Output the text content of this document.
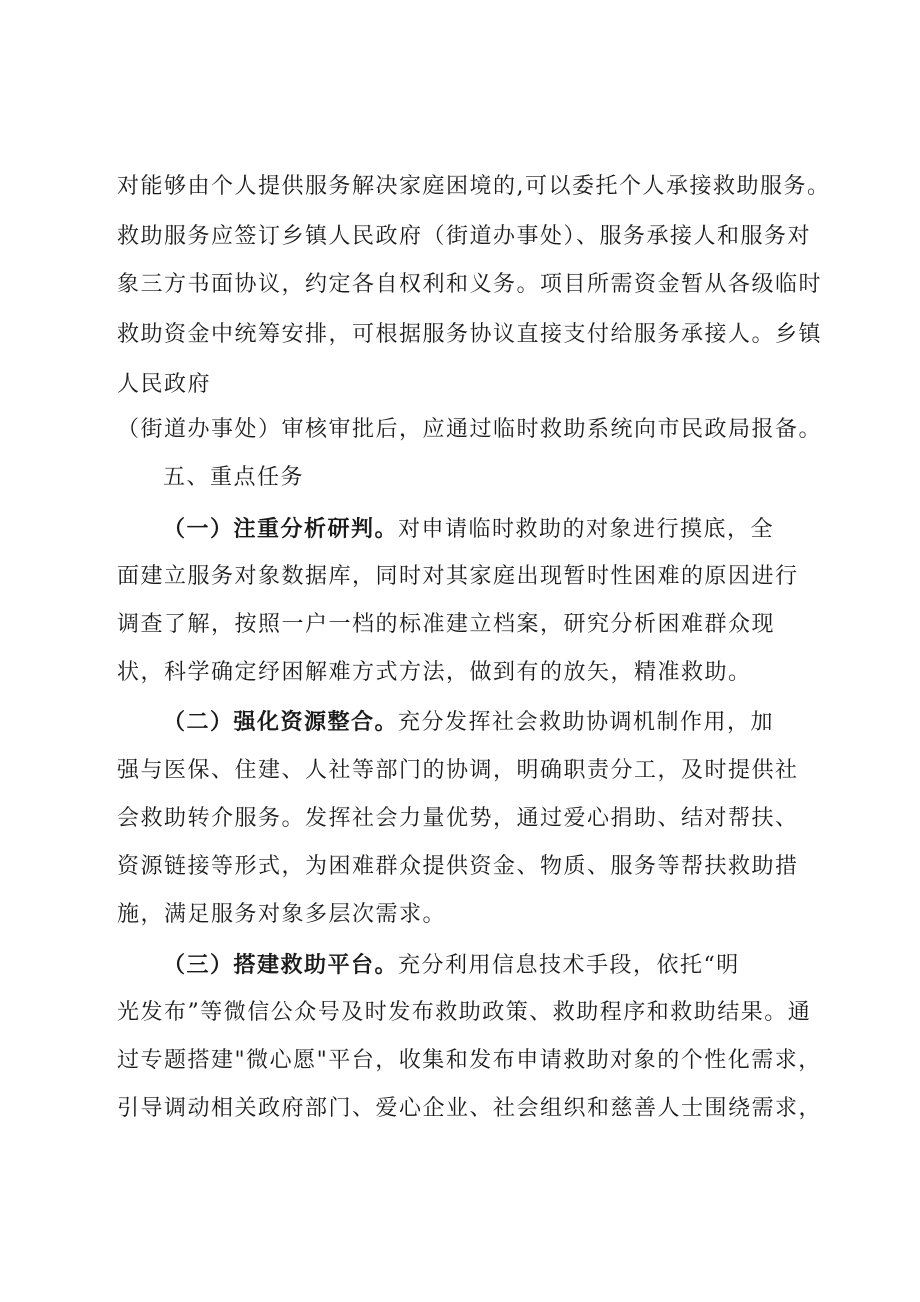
对能够由个人提供服务解决家庭困境的,可以委托个人承接救助服务。
救助服务应签订乡镇人民政府（街道办事处）、服务承接人和服务对
象三方书面协议，约定各自权利和义务。项目所需资金暂从各级临时
救助资金中统筹安排，可根据服务协议直接支付给服务承接人。乡镇
人民政府
（街道办事处）审核审批后，应通过临时救助系统向市民政局报备。
五、重点任务
（一）注重分析研判。对申请临时救助的对象进行摸底，全
面建立服务对象数据库，同时对其家庭出现暂时性困难的原因进行
调查了解，按照一户一档的标准建立档案，研究分析困难群众现
状，科学确定纾困解难方式方法，做到有的放矢，精准救助。
（二）强化资源整合。充分发挥社会救助协调机制作用，加
强与医保、住建、人社等部门的协调，明确职责分工，及时提供社
会救助转介服务。发挥社会力量优势，通过爱心捐助、结对帮扶、
资源链接等形式，为困难群众提供资金、物质、服务等帮扶救助措
施，满足服务对象多层次需求。
（三）搭建救助平台。充分利用信息技术手段，依托“明
光发布”等微信公众号及时发布救助政策、救助程序和救助结果。通
过专题搭建"微心愿"平台，收集和发布申请救助对象的个性化需求，
引导调动相关政府部门、爱心企业、社会组织和慈善人士围绕需求，
